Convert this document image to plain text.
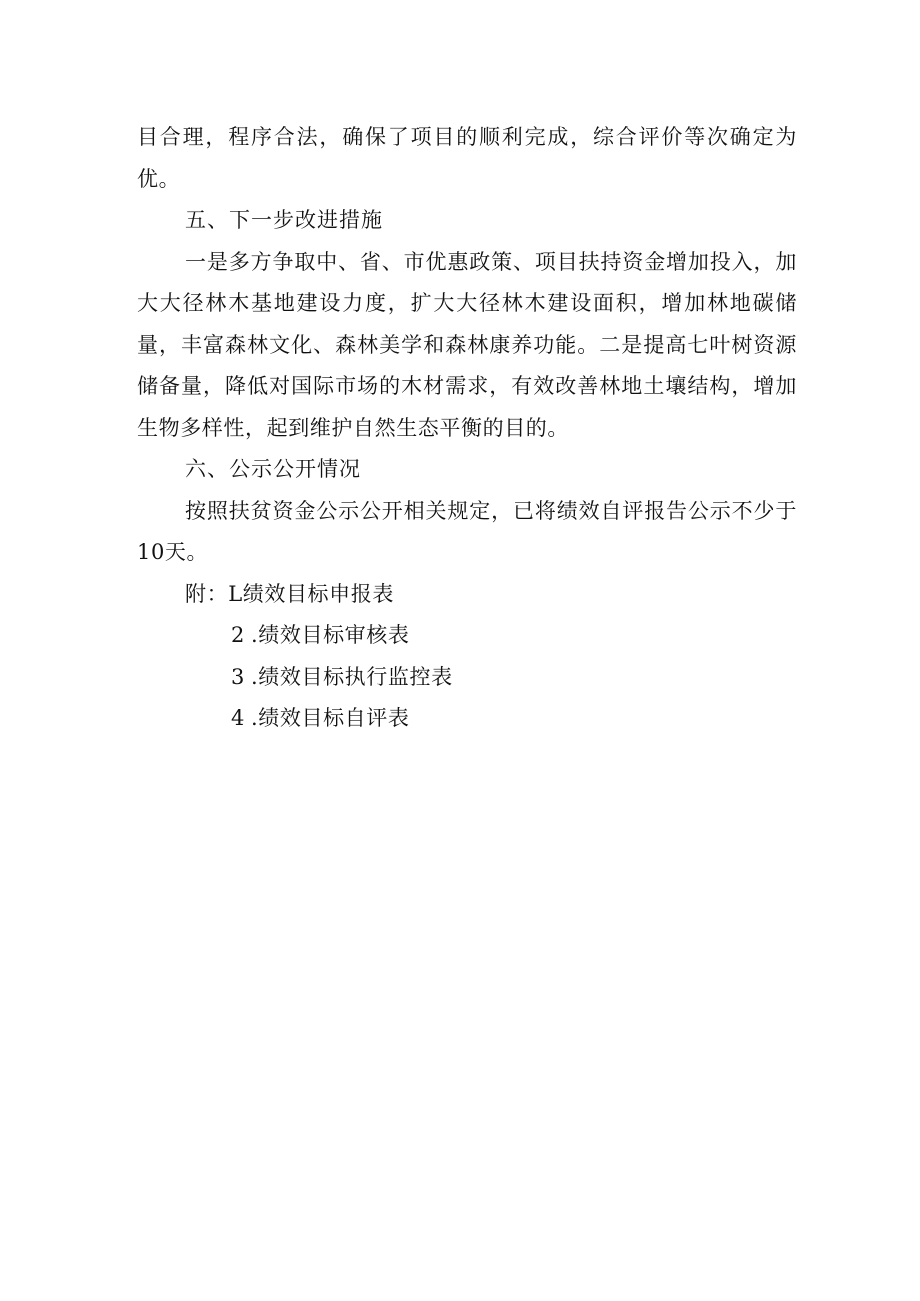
目合理，程序合法，确保了项目的顺利完成，综合评价等次确定为优。

五、下一步改进措施

一是多方争取中、省、市优惠政策、项目扶持资金增加投入，加大大径林木基地建设力度，扩大大径林木建设面积，增加林地碳储量，丰富森林文化、森林美学和森林康养功能。二是提高七叶树资源储备量，降低对国际市场的木材需求，有效改善林地土壤结构，增加生物多样性，起到维护自然生态平衡的目的。

六、公示公开情况

按照扶贫资金公示公开相关规定，已将绩效自评报告公示不少于10天。

附：L绩效目标申报表
2 .绩效目标审核表
3 .绩效目标执行监控表
4 .绩效目标自评表
